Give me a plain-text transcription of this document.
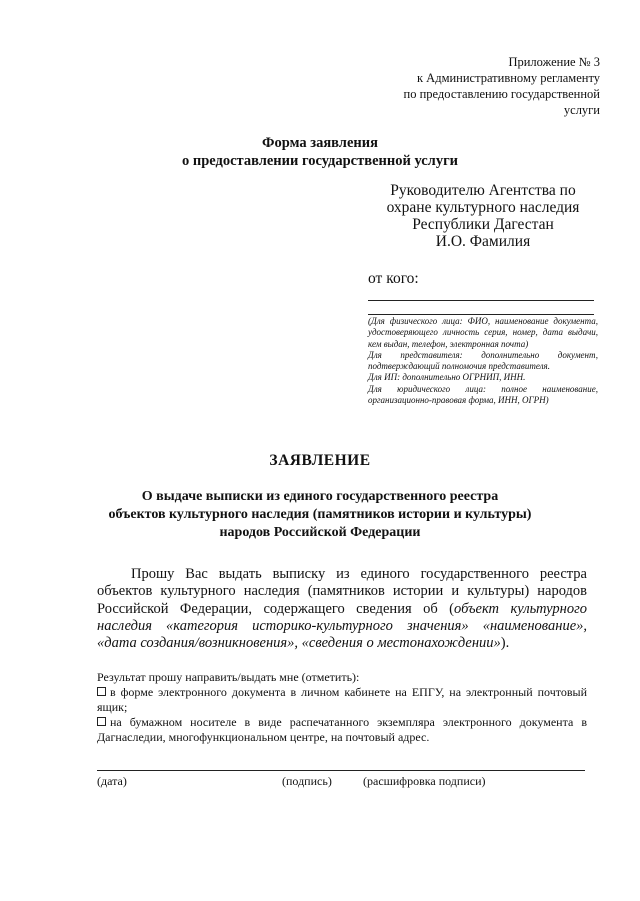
Приложение № 3
к Административному регламенту
по предоставлению государственной
услуги
Форма заявления
о предоставлении государственной услуги
Руководителю Агентства по
охране культурного наследия
Республики Дагестан
И.О. Фамилия
от кого:

(Для физического лица: ФИО, наименование документа, удостоверяющего личность серия, номер, дата выдачи, кем выдан, телефон, электронная почта)

Для представителя: дополнительно документ, подтверждающий полномочия представителя.

Для ИП: дополнительно ОГРНИП, ИНН.

Для юридического лица: полное наименование, организационно-правовая форма, ИНН, ОГРН)

ЗАЯВЛЕНИЕ
О выдаче выписки из единого государственного реестра
объектов культурного наследия (памятников истории и культуры)
народов Российской Федерации

Прошу Вас выдать выписку из единого государственного реестра объектов культурного наследия (памятников истории и культуры) народов Российской Федерации, содержащего сведения об (объект культурного наследия «категория историко-культурного значения» «наименование», «дата создания/возникновения», «сведения о местонахождении»).

Результат прошу направить/выдать мне (отметить):

в форме электронного документа в личном кабинете на ЕПГУ, на электронный почтовый ящик;

на бумажном носителе в виде распечатанного экземпляра электронного документа в Дагнаследии, многофункциональном центре, на почтовый адрес.

(дата)	(подпись)	(расшифровка подписи)
